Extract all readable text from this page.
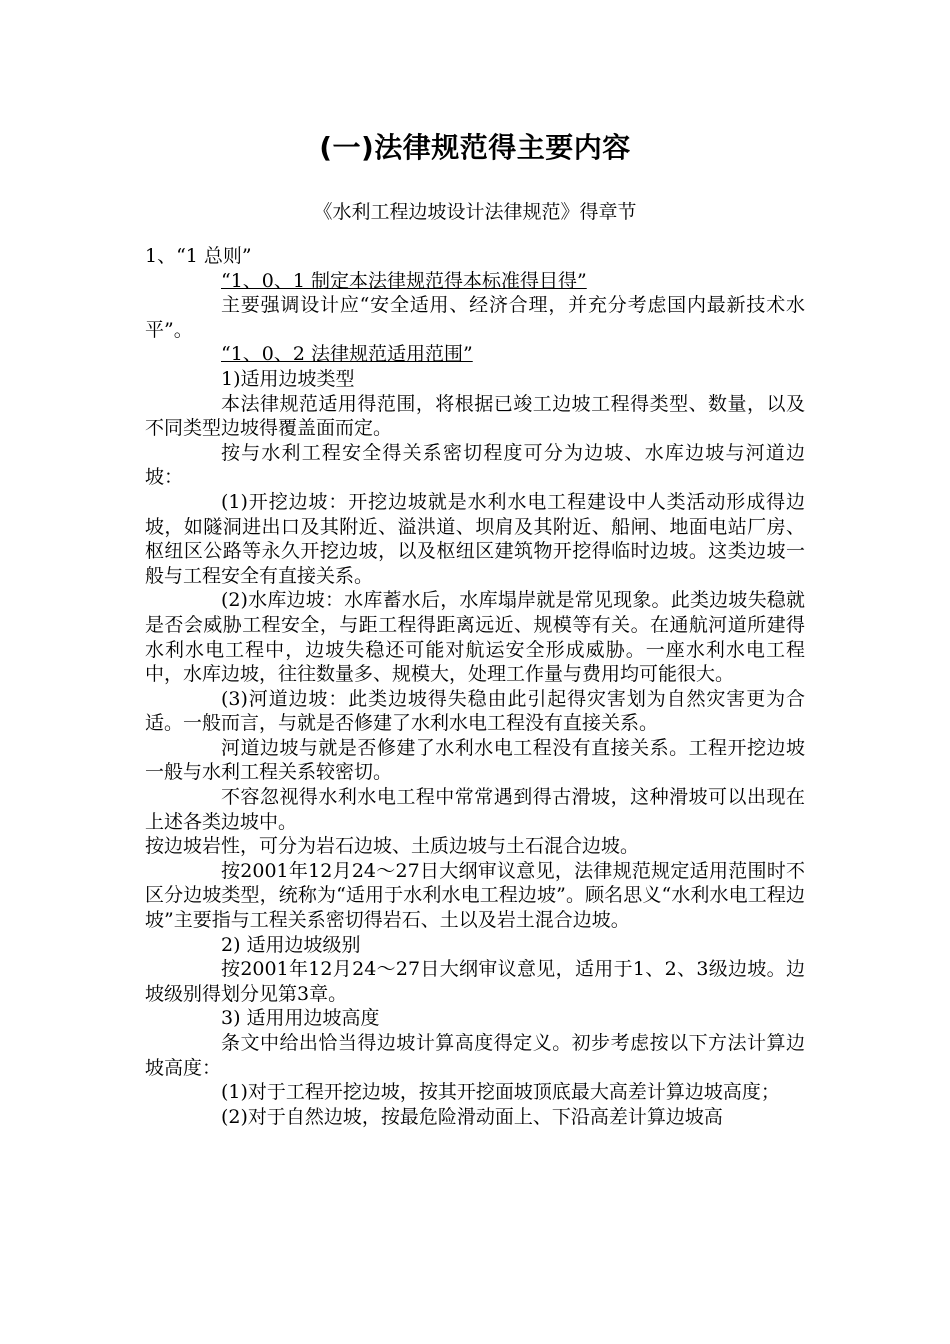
(一)法律规范得主要内容
《水利工程边坡设计法律规范》得章节

1、“1 总则”

“1、0、1 制定本法律规范得本标准得目得”

主要强调设计应“安全适用、经济合理，并充分考虑国内最新技术水平”。

“1、0、2 法律规范适用范围”

1)适用边坡类型

本法律规范适用得范围，将根据已竣工边坡工程得类型、数量，以及不同类型边坡得覆盖面而定。

按与水利工程安全得关系密切程度可分为边坡、水库边坡与河道边坡：

(1)开挖边坡：开挖边坡就是水利水电工程建设中人类活动形成得边坡，如隧洞进出口及其附近、溢洪道、坝肩及其附近、船闸、地面电站厂房、枢纽区公路等永久开挖边坡，以及枢纽区建筑物开挖得临时边坡。这类边坡一般与工程安全有直接关系。

(2)水库边坡：水库蓄水后，水库塌岸就是常见现象。此类边坡失稳就是否会威胁工程安全，与距工程得距离远近、规模等有关。在通航河道所建得水利水电工程中，边坡失稳还可能对航运安全形成威胁。一座水利水电工程中，水库边坡，往往数量多、规模大，处理工作量与费用均可能很大。

(3)河道边坡：此类边坡得失稳由此引起得灾害划为自然灾害更为合适。一般而言，与就是否修建了水利水电工程没有直接关系。

河道边坡与就是否修建了水利水电工程没有直接关系。工程开挖边坡一般与水利工程关系较密切。

不容忽视得水利水电工程中常常遇到得古滑坡，这种滑坡可以出现在上述各类边坡中。

按边坡岩性，可分为岩石边坡、土质边坡与土石混合边坡。

按2001年12月24～27日大纲审议意见，法律规范规定适用范围时不区分边坡类型，统称为“适用于水利水电工程边坡”。顾名思义“水利水电工程边坡”主要指与工程关系密切得岩石、土以及岩土混合边坡。

2) 适用边坡级别

按2001年12月24～27日大纲审议意见，适用于1、2、3级边坡。边坡级别得划分见第3章。

3) 适用用边坡高度

条文中给出恰当得边坡计算高度得定义。初步考虑按以下方法计算边坡高度：

(1)对于工程开挖边坡，按其开挖面坡顶底最大高差计算边坡高度；

(2)对于自然边坡，按最危险滑动面上、下沿高差计算边坡高
